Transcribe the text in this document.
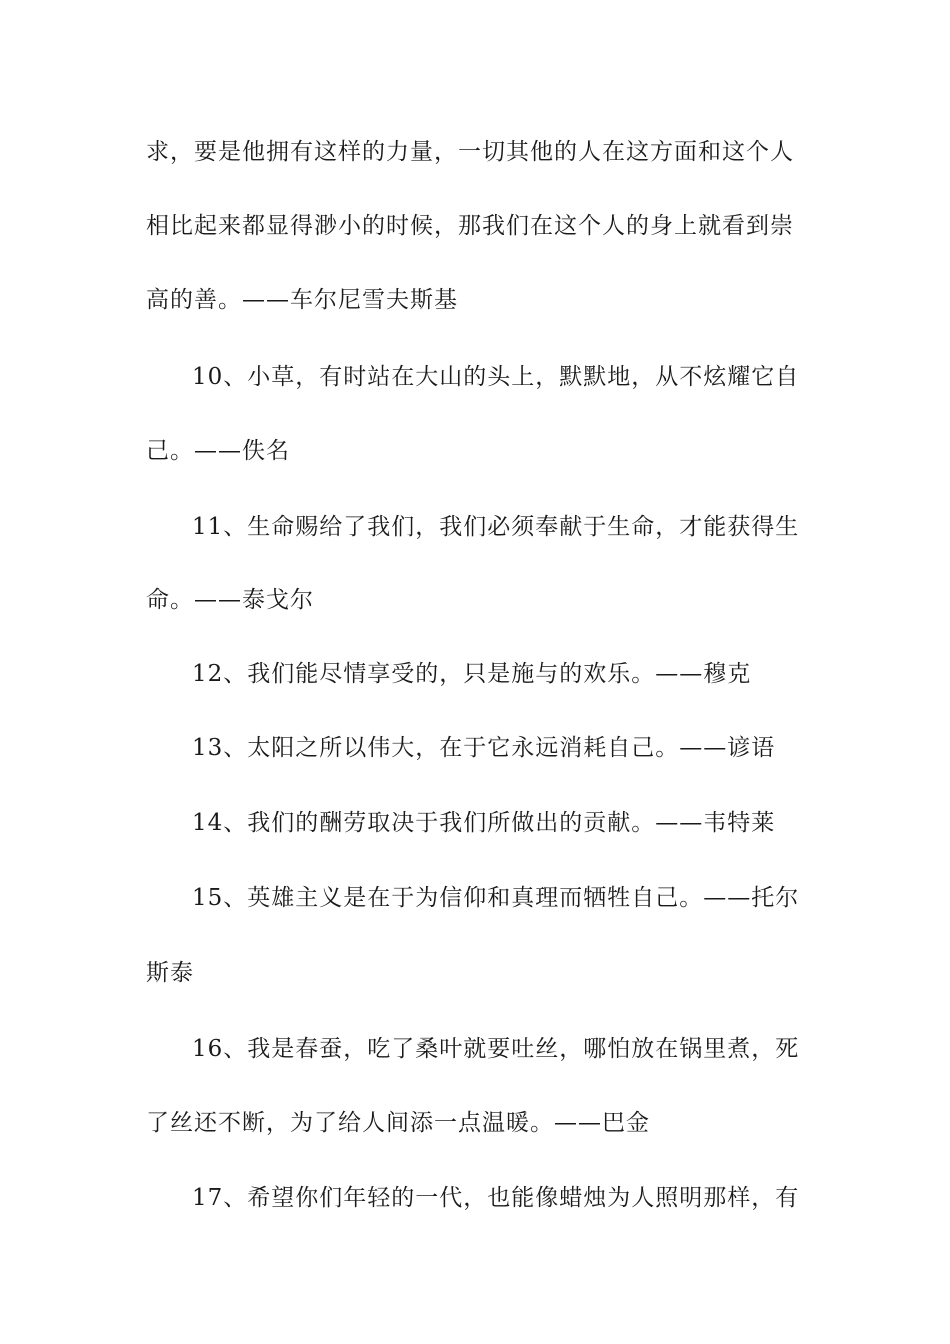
求，要是他拥有这样的力量，一切其他的人在这方面和这个人
相比起来都显得渺小的时候，那我们在这个人的身上就看到崇
高的善。——车尔尼雪夫斯基
10、小草，有时站在大山的头上，默默地，从不炫耀它自
己。——佚名
11、生命赐给了我们，我们必须奉献于生命，才能获得生
命。——泰戈尔
12、我们能尽情享受的，只是施与的欢乐。——穆克
13、太阳之所以伟大，在于它永远消耗自己。——谚语
14、我们的酬劳取决于我们所做出的贡献。——韦特莱
15、英雄主义是在于为信仰和真理而牺牲自己。——托尔
斯泰
16、我是春蚕，吃了桑叶就要吐丝，哪怕放在锅里煮，死
了丝还不断，为了给人间添一点温暖。——巴金
17、希望你们年轻的一代，也能像蜡烛为人照明那样，有
